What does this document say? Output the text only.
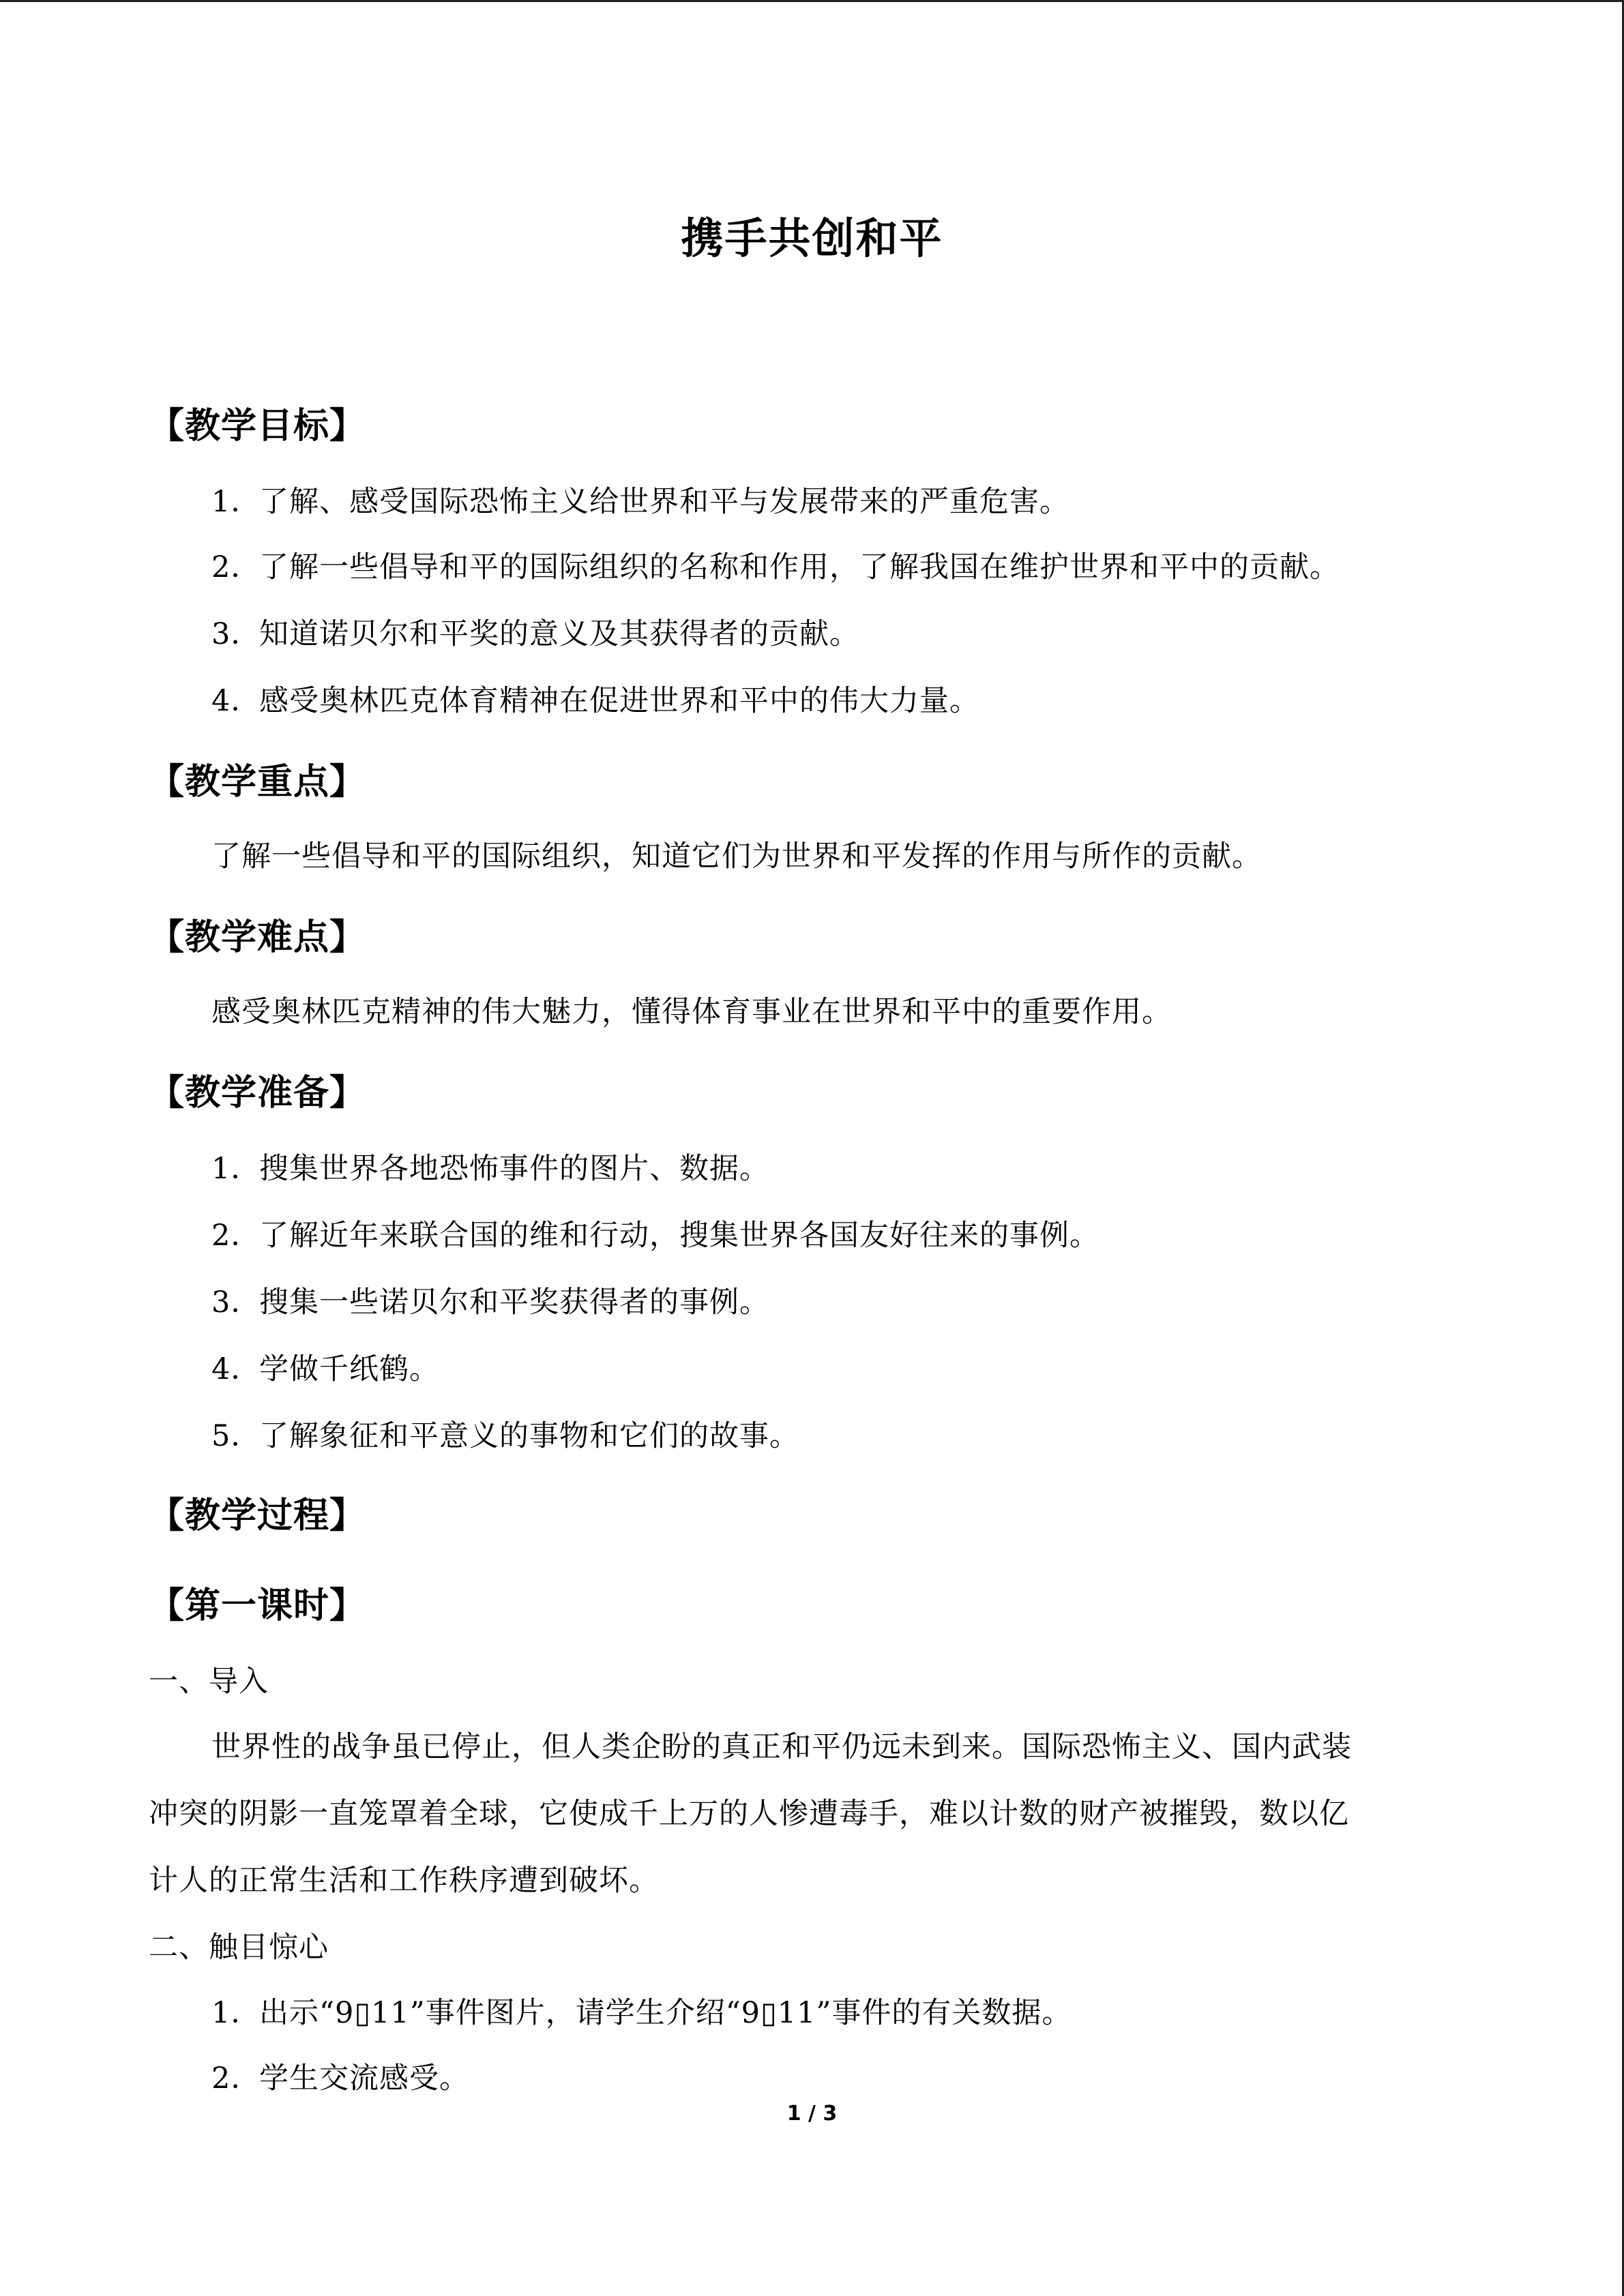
携手共创和平
【教学目标】
1．了解、感受国际恐怖主义给世界和平与发展带来的严重危害。
2．了解一些倡导和平的国际组织的名称和作用，了解我国在维护世界和平中的贡献。
3．知道诺贝尔和平奖的意义及其获得者的贡献。
4．感受奥林匹克体育精神在促进世界和平中的伟大力量。
【教学重点】
了解一些倡导和平的国际组织，知道它们为世界和平发挥的作用与所作的贡献。
【教学难点】
感受奥林匹克精神的伟大魅力，懂得体育事业在世界和平中的重要作用。
【教学准备】
1．搜集世界各地恐怖事件的图片、数据。
2．了解近年来联合国的维和行动，搜集世界各国友好往来的事例。
3．搜集一些诺贝尔和平奖获得者的事例。
4．学做千纸鹤。
5．了解象征和平意义的事物和它们的故事。
【教学过程】
【第一课时】
一、导入
世界性的战争虽已停止，但人类企盼的真正和平仍远未到来。国际恐怖主义、国内武装
冲突的阴影一直笼罩着全球，它使成千上万的人惨遭毒手，难以计数的财产被摧毁，数以亿
计人的正常生活和工作秩序遭到破坏。
二、触目惊心
1．出示“9▯11”事件图片，请学生介绍“9▯11”事件的有关数据。
2．学生交流感受。
1 / 3
